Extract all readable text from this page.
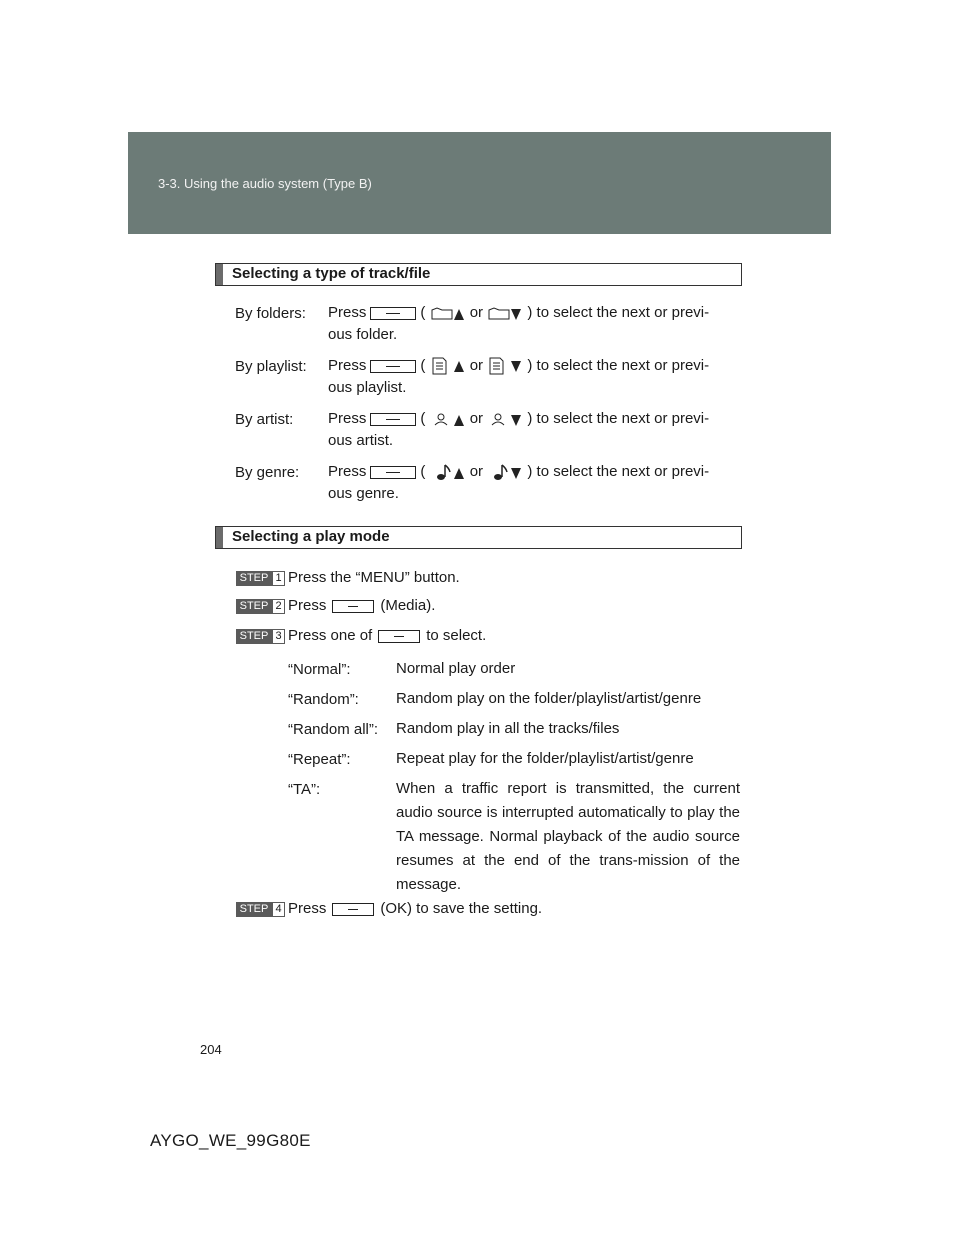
3-3. Using the audio system (Type B)
Selecting a type of track/file
By folders: Press	(	or	) to select the next or previ-
ous folder.
By playlist: Press	(	or	) to select the next or previ-
ous playlist.
By artist: Press	(	or	) to select the next or previ-
ous artist.
By genre: Press	(	or	) to select the next or previ-
ous genre.
Selecting a play mode
STEP 1 Press the “MENU” button.
STEP 2 Press	(Media).
STEP 3 Press one of	to select.
“Normal”:	Normal play order
“Random”: Random play on the folder/playlist/artist/genre
“Random all”: Random play in all the tracks/files
“Repeat”:	Repeat play for the folder/playlist/artist/genre
“TA”:	When a traffic report is transmitted, the current audio source is interrupted automatically to play the TA message. Normal playback of the audio source resumes at the end of the trans-mission of the message.
STEP 4 Press	(OK) to save the setting.
204
AYGO_WE_99G80E
